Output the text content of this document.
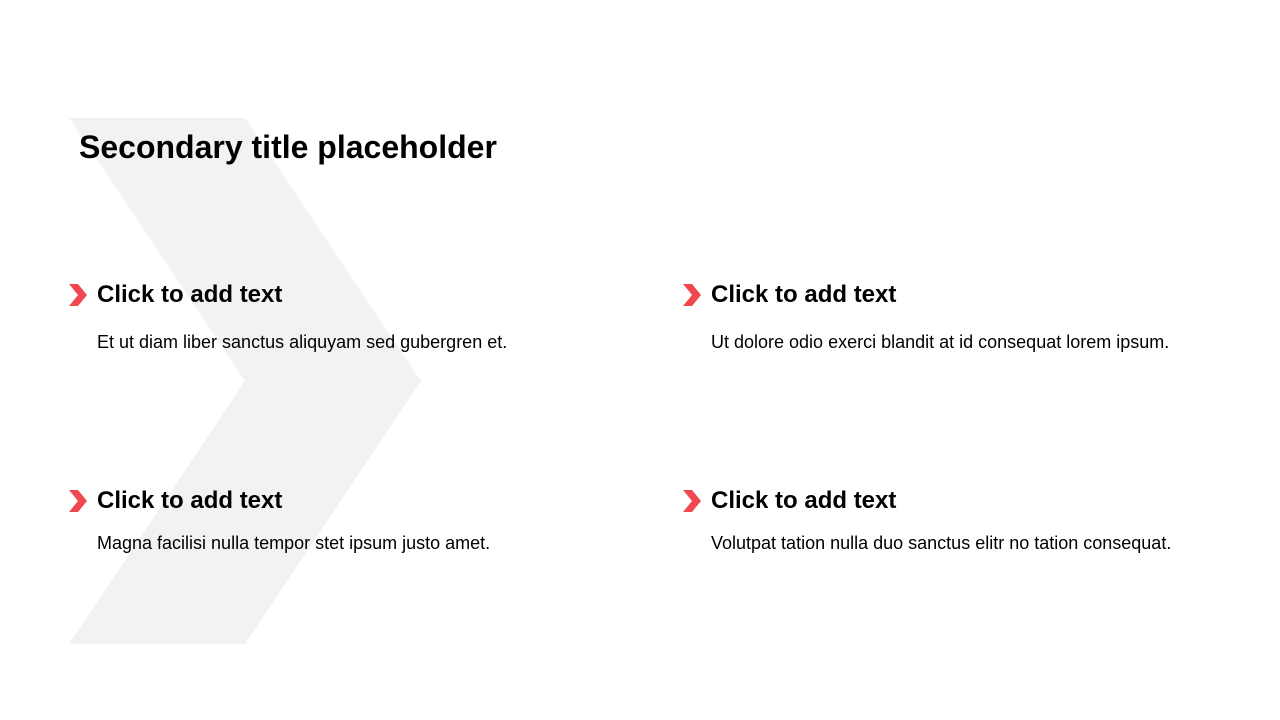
Secondary title placeholder
Click to add text
Et ut diam liber sanctus aliquyam sed gubergren et.
Click to add text
Ut dolore odio exerci blandit at id consequat lorem ipsum.
Click to add text
Magna facilisi nulla tempor stet ipsum justo amet.
Click to add text
Volutpat tation nulla duo sanctus elitr no tation consequat.
